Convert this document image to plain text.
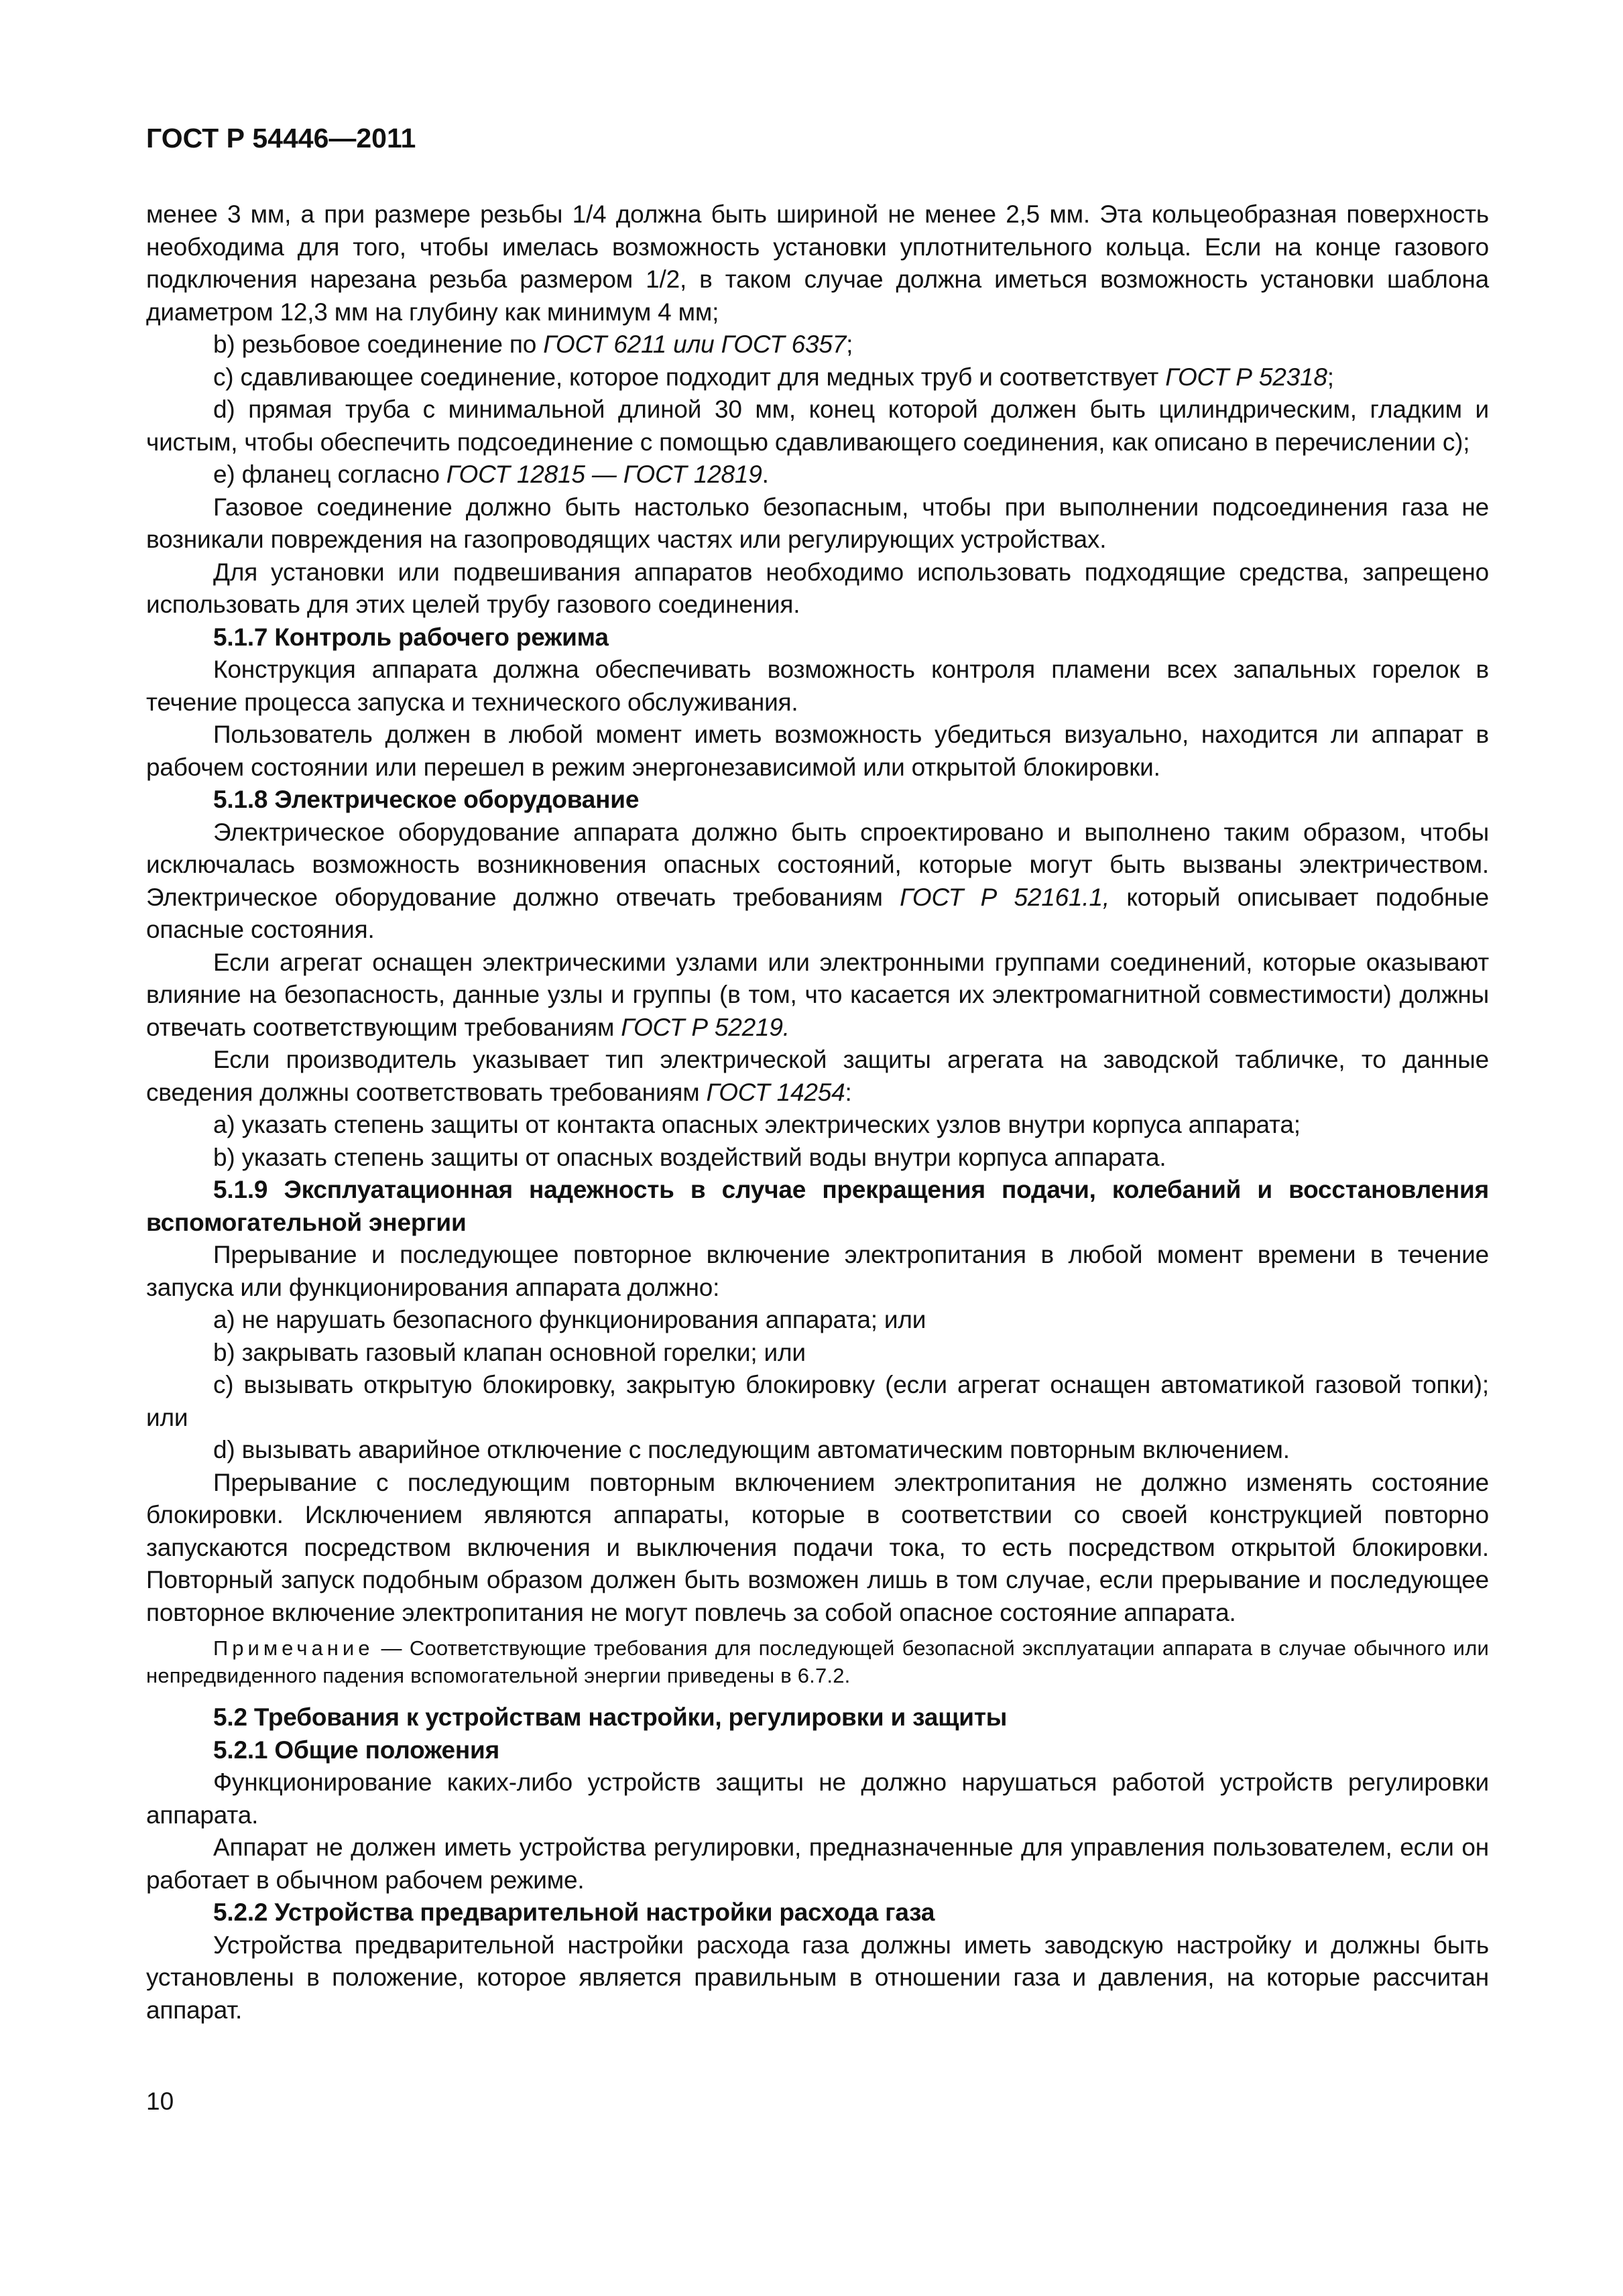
ГОСТ Р 54446—2011

менее 3 мм, а при размере резьбы 1/4 должна быть шириной не менее 2,5 мм. Эта кольцеобразная поверхность необходима для того, чтобы имелась возможность установки уплотнительного кольца. Если на конце газового подключения нарезана резьба размером 1/2, в таком случае должна иметься возможность установки шаблона диаметром 12,3 мм на глубину как минимум 4 мм;

b) резьбовое соединение по ГОСТ 6211 или ГОСТ 6357;

с) сдавливающее соединение, которое подходит для медных труб и соответствует ГОСТ Р 52318;

d) прямая труба с минимальной длиной 30 мм, конец которой должен быть цилиндрическим, гладким и чистым, чтобы обеспечить подсоединение с помощью сдавливающего соединения, как описано в перечислении с);

е) фланец согласно ГОСТ 12815 — ГОСТ 12819.

Газовое соединение должно быть настолько безопасным, чтобы при выполнении подсоединения газа не возникали повреждения на газопроводящих частях или регулирующих устройствах.

Для установки или подвешивания аппаратов необходимо использовать подходящие средства, запрещено использовать для этих целей трубу газового соединения.

5.1.7 Контроль рабочего режима

Конструкция аппарата должна обеспечивать возможность контроля пламени всех запальных горелок в течение процесса запуска и технического обслуживания.

Пользователь должен в любой момент иметь возможность убедиться визуально, находится ли аппарат в рабочем состоянии или перешел в режим энергонезависимой или открытой блокировки.

5.1.8 Электрическое оборудование

Электрическое оборудование аппарата должно быть спроектировано и выполнено таким образом, чтобы исключалась возможность возникновения опасных состояний, которые могут быть вызваны электричеством. Электрическое оборудование должно отвечать требованиям ГОСТ Р 52161.1, который описывает подобные опасные состояния.

Если агрегат оснащен электрическими узлами или электронными группами соединений, которые оказывают влияние на безопасность, данные узлы и группы (в том, что касается их электромагнитной совместимости) должны отвечать соответствующим требованиям ГОСТ Р 52219.

Если производитель указывает тип электрической защиты агрегата на заводской табличке, то данные сведения должны соответствовать требованиям ГОСТ 14254:

а) указать степень защиты от контакта опасных электрических узлов внутри корпуса аппарата;

b) указать степень защиты от опасных воздействий воды внутри корпуса аппарата.

5.1.9 Эксплуатационная надежность в случае прекращения подачи, колебаний и восстановления вспомогательной энергии

Прерывание и последующее повторное включение электропитания в любой момент времени в течение запуска или функционирования аппарата должно:

а) не нарушать безопасного функционирования аппарата; или

b) закрывать газовый клапан основной горелки; или

с) вызывать открытую блокировку, закрытую блокировку (если агрегат оснащен автоматикой газовой топки); или

d) вызывать аварийное отключение с последующим автоматическим повторным включением.

Прерывание с последующим повторным включением электропитания не должно изменять состояние блокировки. Исключением являются аппараты, которые в соответствии со своей конструкцией повторно запускаются посредством включения и выключения подачи тока, то есть посредством открытой блокировки. Повторный запуск подобным образом должен быть возможен лишь в том случае, если прерывание и последующее повторное включение электропитания не могут повлечь за собой опасное состояние аппарата.

Примечание — Соответствующие требования для последующей безопасной эксплуатации аппарата в случае обычного или непредвиденного падения вспомогательной энергии приведены в 6.7.2.

5.2 Требования к устройствам настройки, регулировки и защиты
5.2.1 Общие положения

Функционирование каких-либо устройств защиты не должно нарушаться работой устройств регулировки аппарата.

Аппарат не должен иметь устройства регулировки, предназначенные для управления пользователем, если он работает в обычном рабочем режиме.

5.2.2 Устройства предварительной настройки расхода газа

Устройства предварительной настройки расхода газа должны иметь заводскую настройку и должны быть установлены в положение, которое является правильным в отношении газа и давления, на которые рассчитан аппарат.

10
